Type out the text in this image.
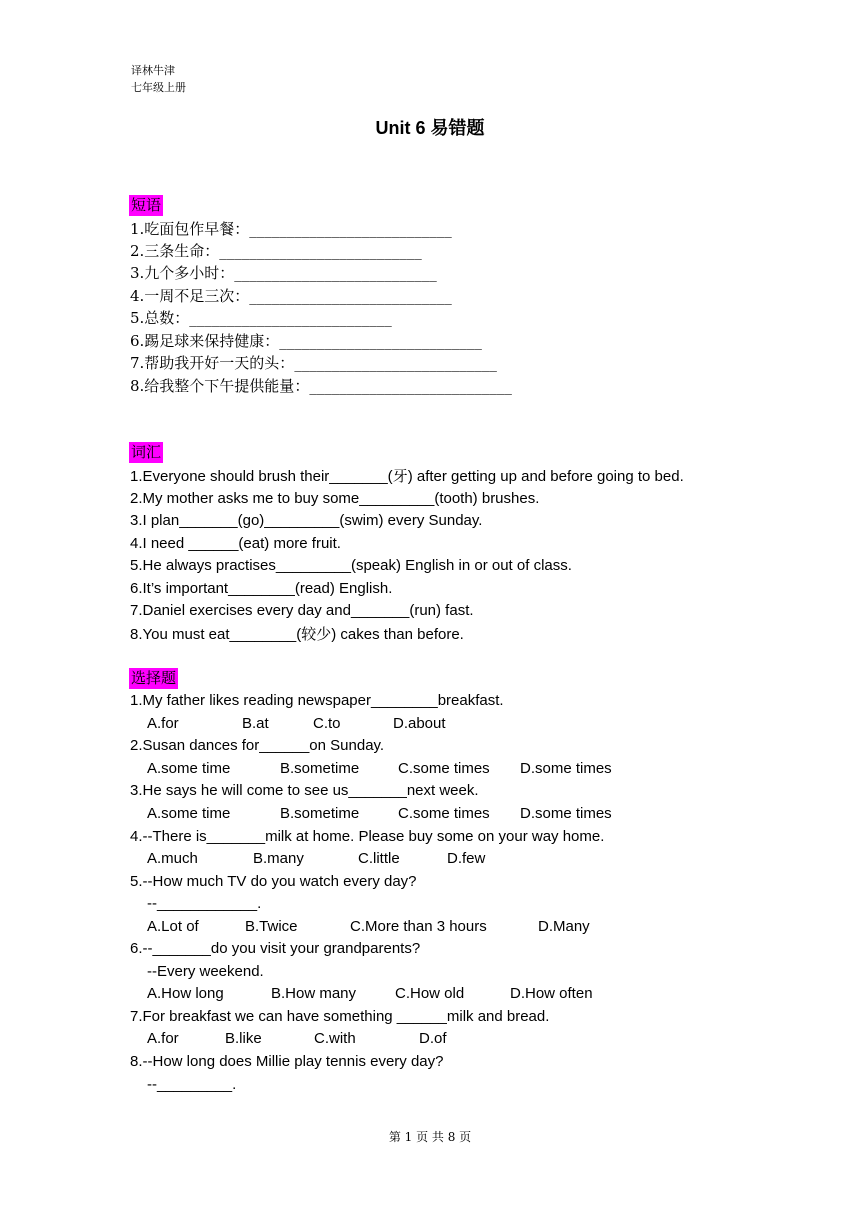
译林牛津
七年级上册
Unit 6 易错题
短语
1.吃面包作早餐：___________________________
2.三条生命：___________________________
3.九个多小时：___________________________
4.一周不足三次：___________________________
5.总数：___________________________
6.踢足球来保持健康：___________________________
7.帮助我开好一天的头：___________________________
8.给我整个下午提供能量：___________________________
词汇
1.Everyone should brush their_______(牙) after getting up and before going to bed.
2.My mother asks me to buy some_________(tooth) brushes.
3.I plan_______(go)_________(swim) every Sunday.
4.I need ______(eat) more fruit.
5.He always practises_________(speak) English in or out of class.
6.It’s important________(read) English.
7.Daniel exercises every day and_______(run) fast.
8.You must eat________(较少) cakes than before.
选择题
1.My father likes reading newspaper________breakfast.
A.for	B.at	C.to	D.about
2.Susan dances for______on Sunday.
A.some time	B.sometime	C.some times D.some times
3.He says he will come to see us_______next week.
A.some time	B.sometime	C.some times D.some times
4.--There is_______milk at home. Please buy some on your way home.
A.much	B.many	C.little	D.few
5.--How much TV do you watch every day?
--____________.
A.Lot of	B.Twice	C.More than 3 hours	D.Many
6.--_______do you visit your grandparents?
--Every weekend.
A.How long	B.How many	C.How old	D.How often
7.For breakfast we can have something ______milk and bread.
A.for	B.like	C.with	D.of
8.--How long does Millie play tennis every day?
--_________.
第 1 页 共 8 页
